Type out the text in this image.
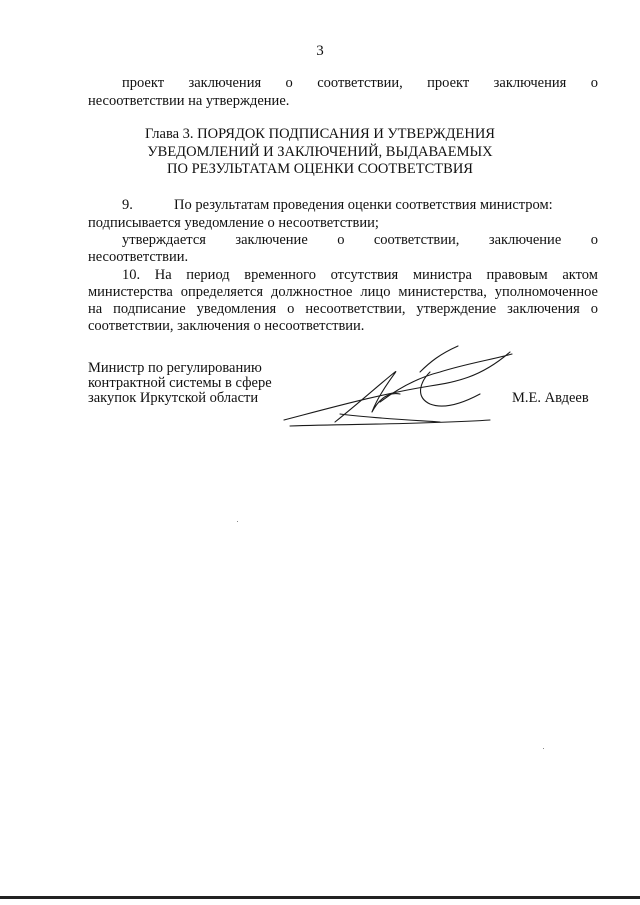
3
проект заключения о соответствии, проект заключения о
несоответствии на утверждение.
Глава 3. ПОРЯДОК ПОДПИСАНИЯ И УТВЕРЖДЕНИЯ
УВЕДОМЛЕНИЙ И ЗАКЛЮЧЕНИЙ, ВЫДАВАЕМЫХ
ПО РЕЗУЛЬТАТАМ ОЦЕНКИ СООТВЕТСТВИЯ
9.	По результатам проведения оценки соответствия министром:
подписывается уведомление о несоответствии;
утверждается заключение о соответствии, заключение о
несоответствии.
10. На период временного отсутствия министра правовым актом
министерства определяется должностное лицо министерства, уполномоченное
на подписание уведомления о несоответствии, утверждение заключения о
соответствии, заключения о несоответствии.
Министр по регулированию
контрактной системы в сфере
закупок Иркутской области	М.Е. Авдеев
